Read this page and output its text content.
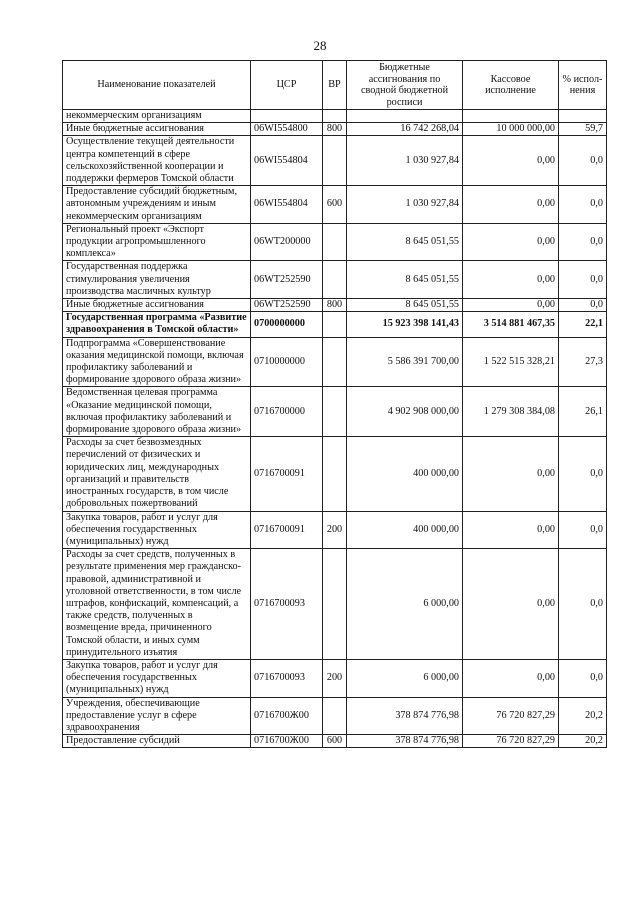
28
Наименование показателей	ЦСР	ВР	Бюджетные ассигнования по сводной бюджетной росписи	Кассовое исполнение	% испол-нения
некоммерческим организациям					
Иные бюджетные ассигнования	06WI554800	800	16 742 268,04	10 000 000,00	59,7
Осуществление текущей деятельности центра компетенций в сфере сельскохозяйственной кооперации и поддержки фермеров Томской области	06WI554804		1 030 927,84	0,00	0,0
Предоставление субсидий бюджетным, автономным учреждениям и иным некоммерческим организациям	06WI554804	600	1 030 927,84	0,00	0,0
Региональный проект «Экспорт продукции агропромышленного комплекса»	06WT200000		8 645 051,55	0,00	0,0
Государственная поддержка стимулирования увеличения производства масличных культур	06WT252590		8 645 051,55	0,00	0,0
Иные бюджетные ассигнования	06WT252590	800	8 645 051,55	0,00	0,0
Государственная программа «Развитие здравоохранения в Томской области»	0700000000		15 923 398 141,43	3 514 881 467,35	22,1
Подпрограмма «Совершенствование оказания медицинской помощи, включая профилактику заболеваний и формирование здорового образа жизни»	0710000000		5 586 391 700,00	1 522 515 328,21	27,3
Ведомственная целевая программа «Оказание медицинской помощи, включая профилактику заболеваний и формирование здорового образа жизни»	0716700000		4 902 908 000,00	1 279 308 384,08	26,1
Расходы за счет безвозмездных перечислений от физических и юридических лиц, международных организаций и правительств иностранных государств, в том числе добровольных пожертвований	0716700091		400 000,00	0,00	0,0
Закупка товаров, работ и услуг для обеспечения государственных (муниципальных) нужд	0716700091	200	400 000,00	0,00	0,0
Расходы за счет средств, полученных в результате применения мер гражданско-правовой, административной и уголовной ответственности, в том числе штрафов, конфискаций, компенсаций, а также средств, полученных в возмещение вреда, причиненного Томской области, и иных сумм принудительного изъятия	0716700093		6 000,00	0,00	0,0
Закупка товаров, работ и услуг для обеспечения государственных (муниципальных) нужд	0716700093	200	6 000,00	0,00	0,0
Учреждения, обеспечивающие предоставление услуг в сфере здравоохранения	0716700Ж00		378 874 776,98	76 720 827,29	20,2
Предоставление субсидий	0716700Ж00	600	378 874 776,98	76 720 827,29	20,2
